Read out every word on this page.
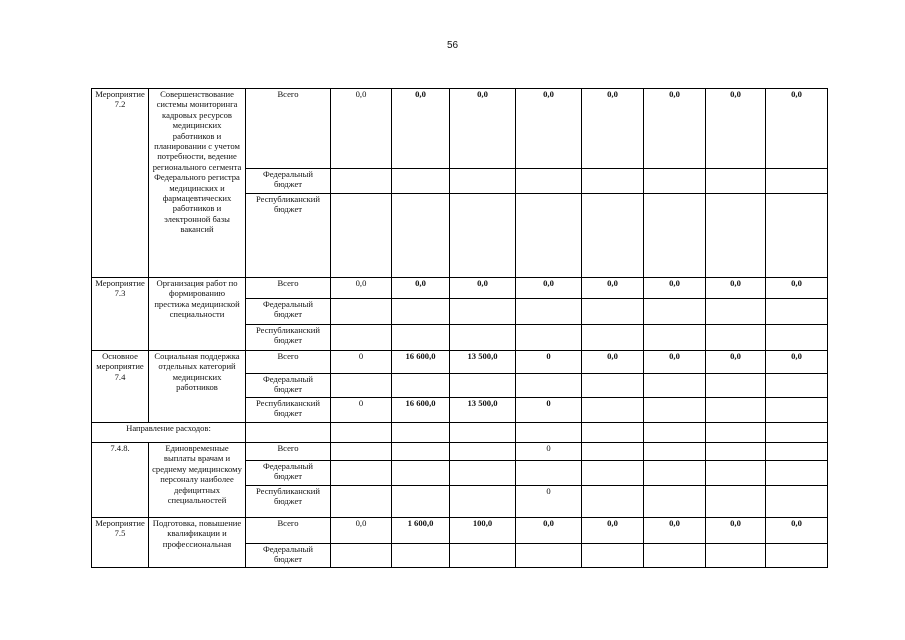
56
Мероприятие 7.2	Совершенствование системы мониторинга кадровых ресурсов медицинских работников и планировании с учетом потребности, ведение регионального сегмента Федерального регистра медицинских и фармацевтических работников и электронной базы вакансий	Всего	0,0	0,0	0,0	0,0	0,0	0,0	0,0	0,0
		Федеральный бюджет								
		Республиканский бюджет								
Мероприятие 7.3	Организация работ по формированию престижа медицинской специальности	Всего	0,0	0,0	0,0	0,0	0,0	0,0	0,0	0,0
		Федеральный бюджет								
		Республиканский бюджет								
Основное мероприятие 7.4	Социальная поддержка отдельных категорий медицинских работников	Всего	0	16 600,0	13 500,0	0	0,0	0,0	0,0	0,0
		Федеральный бюджет								
		Республиканский бюджет	0	16 600,0	13 500,0	0				
Направление расходов:										
7.4.8.	Единовременные выплаты врачам и среднему медицинскому персоналу наиболее дефицитных специальностей	Всего				0				
		Федеральный бюджет								
		Республиканский бюджет				0				
Мероприятие 7.5	Подготовка, повышение квалификации и профессиональная	Всего	0,0	1 600,0	100,0	0,0	0,0	0,0	0,0	0,0
		Федеральный бюджет								
